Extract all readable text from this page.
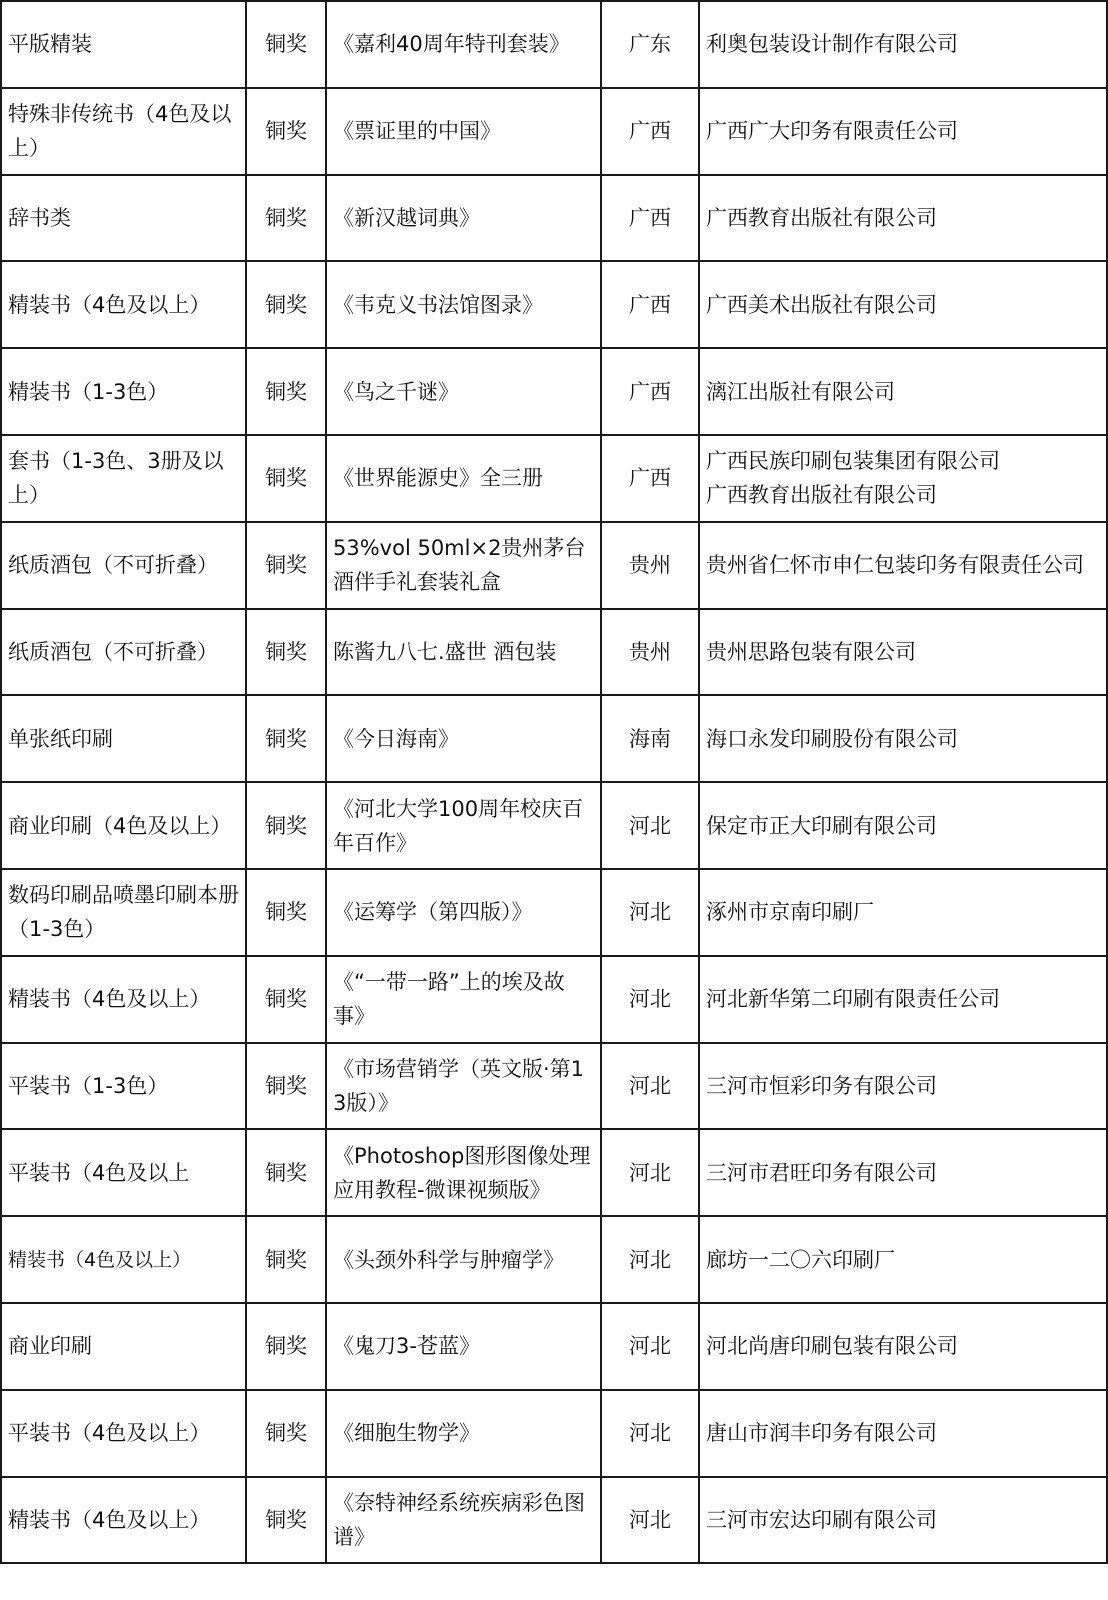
平版精装	铜奖	《嘉利40周年特刊套装》	广东	利奥包装设计制作有限公司

特殊非传统书（4色及以上）	铜奖	《票证里的中国》	广西	广西广大印务有限责任公司

辞书类	铜奖	《新汉越词典》	广西	广西教育出版社有限公司

精装书（4色及以上）	铜奖	《韦克义书法馆图录》	广西	广西美术出版社有限公司

精装书（1-3色）	铜奖	《鸟之千谜》	广西	漓江出版社有限公司

套书（1-3色、3册及以上）	铜奖	《世界能源史》全三册	广西	广西民族印刷包装集团有限公司
广西教育出版社有限公司

纸质酒包（不可折叠）	铜奖	53%vol 50ml×2贵州茅台酒伴手礼套装礼盒	贵州	贵州省仁怀市申仁包装印务有限责任公司

纸质酒包（不可折叠）	铜奖	陈酱九八七.盛世 酒包装	贵州	贵州思路包装有限公司

单张纸印刷	铜奖	《今日海南》	海南	海口永发印刷股份有限公司

商业印刷（4色及以上）	铜奖	《河北大学100周年校庆百年百作》	河北	保定市正大印刷有限公司

数码印刷品喷墨印刷本册（1-3色）	铜奖	《运筹学（第四版）》	河北	涿州市京南印刷厂

精装书（4色及以上）	铜奖	《“一带一路”上的埃及故事》	河北	河北新华第二印刷有限责任公司

平装书（1-3色）	铜奖	《市场营销学（英文版·第13版）》	河北	三河市恒彩印务有限公司

平装书（4色及以上	铜奖	《Photoshop图形图像处理应用教程-微课视频版》	河北	三河市君旺印务有限公司

精装书（4色及以上）	铜奖	《头颈外科学与肿瘤学》	河北	廊坊一二〇六印刷厂

商业印刷	铜奖	《鬼刀3-苍蓝》	河北	河北尚唐印刷包装有限公司

平装书（4色及以上）	铜奖	《细胞生物学》	河北	唐山市润丰印务有限公司

精装书（4色及以上）	铜奖	《奈特神经系统疾病彩色图谱》	河北	三河市宏达印刷有限公司
